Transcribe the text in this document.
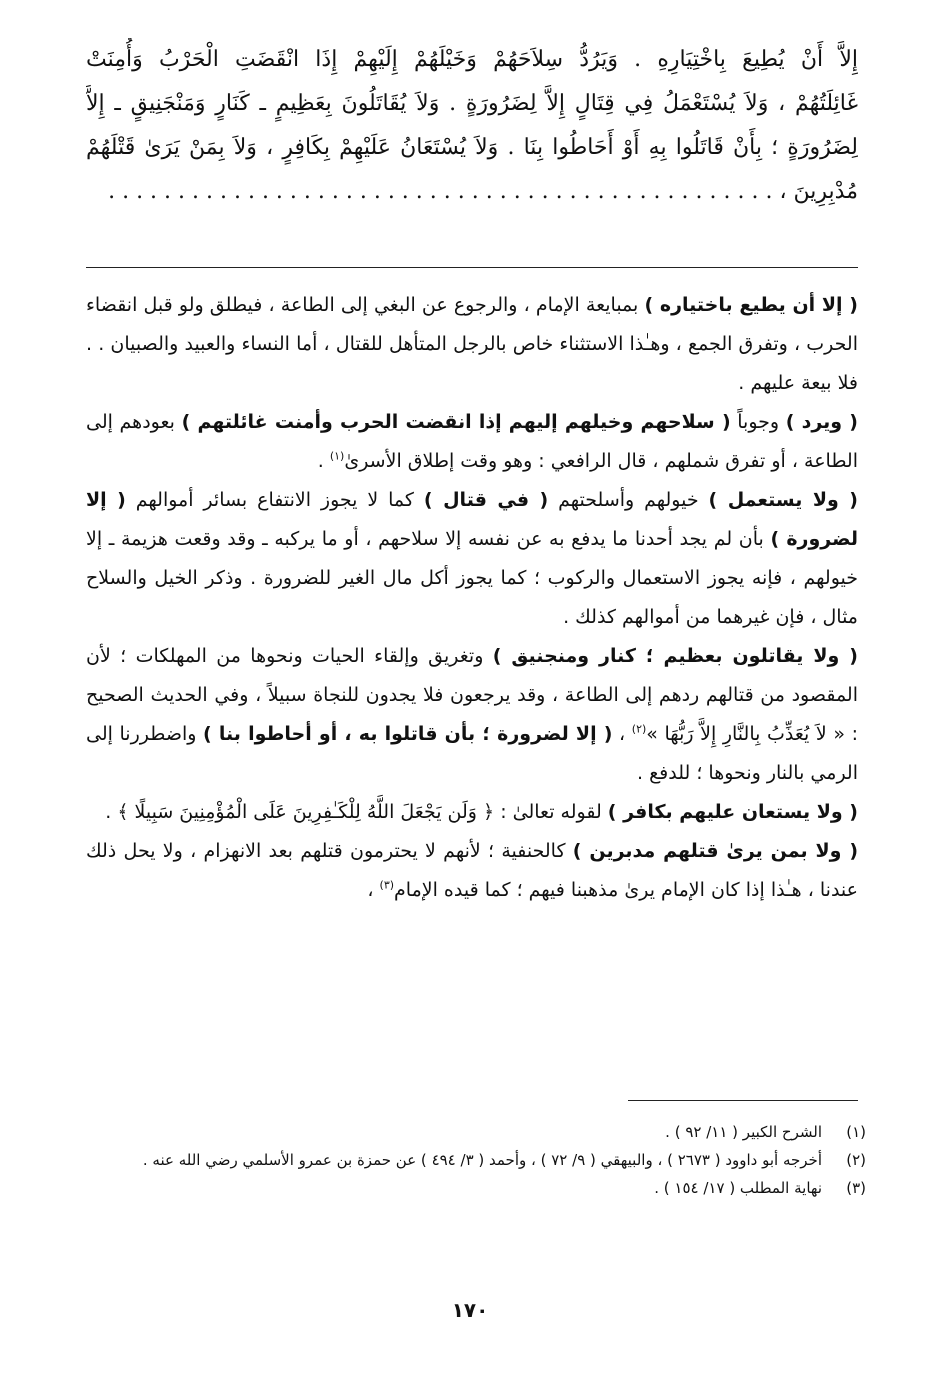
إِلاَّ أَنْ يُطِيعَ بِاخْتِيَارِهِ . وَيَرُدُّ سِلاَحَهُمْ وَخَيْلَهُمْ إِلَيْهِمْ إِذَا انْقَضَتِ الْحَرْبُ وَأُمِنَتْ
غَائِلَتُهُمْ ، وَلاَ يُسْتَعْمَلُ فِي قِتَالٍ إِلاَّ لِضَرُورَةٍ . وَلاَ يُقَاتَلُونَ بِعَظِيمٍ ـ كَنَارٍ وَمَنْجَنِيقٍ ـ إِلاَّ
لِضَرُورَةٍ ؛ بِأَنْ قَاتَلُوا بِهِ أَوْ أَحَاطُوا بِنَا . وَلاَ يُسْتَعَانُ عَلَيْهِمْ بِكَافِرٍ ، وَلاَ بِمَنْ يَرَىٰ قَتْلَهُمْ
مُدْبِرِينَ ، . . . . . . . . . . . . . . . . . . . . . . . . . . . . . . . . . . . . . . . . . . . . . . . .

( إلا أن يطيع باختياره ) بمبايعة الإمام ، والرجوع عن البغي إلى الطاعة ، فيطلق ولو قبل انقضاء الحرب ، وتفرق الجمع ، وهـٰذا الاستثناء خاص بالرجل المتأهل للقتال ، أما النساء والعبيد والصبيان . . فلا بيعة عليهم .

( ويرد ) وجوباً ( سلاحهم وخيلهم إليهم إذا انقضت الحرب وأمنت غائلتهم ) بعودهم إلى الطاعة ، أو تفرق شملهم ، قال الرافعي : وهو وقت إطلاق الأسرىٰ$^{(١)}$ .

( ولا يستعمل ) خيولهم وأسلحتهم ( في قتال ) كما لا يجوز الانتفاع بسائر أموالهم ( إلا لضرورة ) بأن لم يجد أحدنا ما يدفع به عن نفسه إلا سلاحهم ، أو ما يركبه ـ وقد وقعت هزيمة ـ إلا خيولهم ، فإنه يجوز الاستعمال والركوب ؛ كما يجوز أكل مال الغير للضرورة . وذكر الخيل والسلاح مثال ، فإن غيرهما من أموالهم كذلك .

( ولا يقاتلون بعظيم ؛ كنار ومنجنيق ) وتغريق وإلقاء الحيات ونحوها من المهلكات ؛ لأن المقصود من قتالهم ردهم إلى الطاعة ، وقد يرجعون فلا يجدون للنجاة سبيلاً ، وفي الحديث الصحيح : « لاَ يُعَذِّبُ بِالنَّارِ إِلاَّ رَبُّهَا »$^{(٢)}$ ، ( إلا لضرورة ؛ بأن قاتلوا به ، أو أحاطوا بنا ) واضطررنا إلى الرمي بالنار ونحوها ؛ للدفع .

( ولا يستعان عليهم بكافر ) لقوله تعالىٰ : ﴿ وَلَن يَجْعَلَ اللَّهُ لِلْكَـٰفِرِينَ عَلَى الْمُؤْمِنِينَ سَبِيلًا ﴾ .

( ولا بمن يرىٰ قتلهم مدبرين ) كالحنفية ؛ لأنهم لا يحترمون قتلهم بعد الانهزام ، ولا يحل ذلك عندنا ، هـٰذا إذا كان الإمام يرىٰ مذهبنا فيهم ؛ كما قيده الإمام$^{(٣)}$ ،

(١)
الشرح الكبير ( ١١/ ٩٢ ) .
(٢)
أخرجه أبو داوود ( ٢٦٧٣ ) ، والبيهقي ( ٩/ ٧٢ ) ، وأحمد ( ٣/ ٤٩٤ ) عن حمزة بن عمرو الأسلمي رضي الله عنه .
(٣)
نهاية المطلب ( ١٧/ ١٥٤ ) .
١٧٠
